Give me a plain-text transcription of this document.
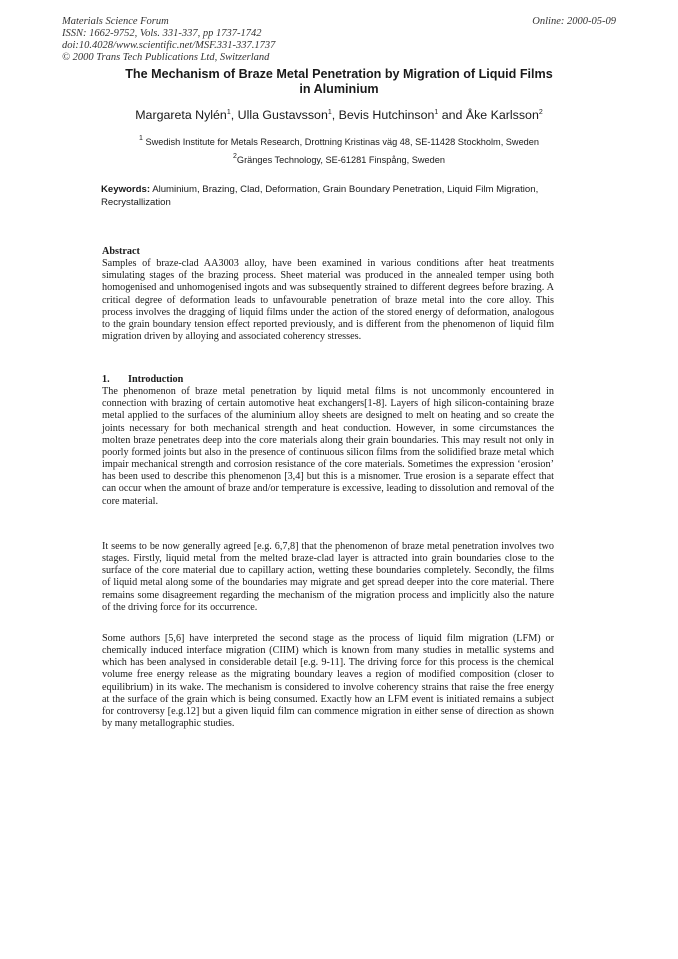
Materials Science Forum
ISSN: 1662-9752, Vols. 331-337, pp 1737-1742
doi:10.4028/www.scientific.net/MSF.331-337.1737
© 2000 Trans Tech Publications Ltd, Switzerland
Online: 2000-05-09
The Mechanism of Braze Metal Penetration by Migration of Liquid Films
in Aluminium
Margareta Nylén$^1$, Ulla Gustavsson$^1$, Bevis Hutchinson$^1$ and Åke Karlsson$^2$
$^1$ Swedish Institute for Metals Research, Drottning Kristinas väg 48, SE-11428 Stockholm, Sweden
$^2$Gränges Technology, SE-61281 Finspång, Sweden
Keywords: Aluminium, Brazing, Clad, Deformation, Grain Boundary Penetration, Liquid Film Migration, Recrystallization
Abstract
Samples of braze-clad AA3003 alloy, have been examined in various conditions after heat treatments simulating stages of the brazing process. Sheet material was produced in the annealed temper using both homogenised and unhomogenised ingots and was subsequently strained to different degrees before brazing. A critical degree of deformation leads to unfavourable penetration of braze metal into the core alloy. This process involves the dragging of liquid films under the action of the stored energy of deformation, analogous to the grain boundary tension effect reported previously, and is different from the phenomenon of liquid film migration driven by alloying and associated coherency stresses.
1. Introduction
The phenomenon of braze metal penetration by liquid metal films is not uncommonly encountered in connection with brazing of certain automotive heat exchangers[1-8]. Layers of high silicon-containing braze metal applied to the surfaces of the aluminium alloy sheets are designed to melt on heating and so create the joints necessary for both mechanical strength and heat conduction. However, in some circumstances the molten braze penetrates deep into the core materials along their grain boundaries. This may result not only in poorly formed joints but also in the presence of continuous silicon films from the solidified braze metal which impair mechanical strength and corrosion resistance of the core materials. Sometimes the expression ‘erosion’ has been used to describe this phenomenon [3,4] but this is a misnomer. True erosion is a separate effect that can occur when the amount of braze and/or temperature is excessive, leading to dissolution and removal of the core material.
It seems to be now generally agreed [e.g. 6,7,8] that the phenomenon of braze metal penetration involves two stages. Firstly, liquid metal from the melted braze-clad layer is attracted into grain boundaries close to the surface of the core material due to capillary action, wetting these boundaries completely. Secondly, the films of liquid metal along some of the boundaries may migrate and get spread deeper into the core material. There remains some disagreement regarding the mechanism of the migration process and implicitly also the nature of the driving force for its occurrence.
Some authors [5,6] have interpreted the second stage as the process of liquid film migration (LFM) or chemically induced interface migration (CIIM) which is known from many studies in metallic systems and which has been analysed in considerable detail [e.g. 9-11]. The driving force for this process is the chemical volume free energy release as the migrating boundary leaves a region of modified composition (closer to equilibrium) in its wake. The mechanism is considered to involve coherency strains that raise the free energy at the surface of the grain which is being consumed. Exactly how an LFM event is initiated remains a subject for controversy [e.g.12] but a given liquid film can commence migration in either sense of direction as shown by many metallographic studies.
